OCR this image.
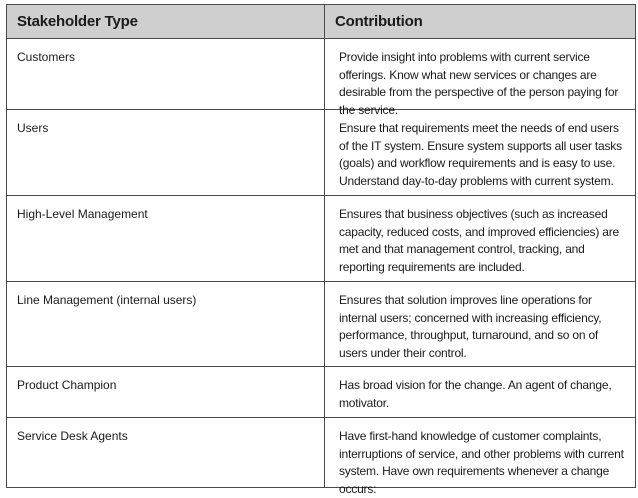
Stakeholder Type	Contribution
Customers	Provide insight into problems with current service offerings. Know what new services or changes are desirable from the perspective of the person paying for the service.
Users	Ensure that requirements meet the needs of end users of the IT system. Ensure system supports all user tasks (goals) and workflow requirements and is easy to use. Understand day-to-day problems with current system.
High-Level Management	Ensures that business objectives (such as increased capacity, reduced costs, and improved efficiencies) are met and that management control, tracking, and reporting requirements are included.
Line Management (internal users)	Ensures that solution improves line operations for internal users; concerned with increasing efficiency, performance, throughput, turnaround, and so on of users under their control.
Product Champion	Has broad vision for the change. An agent of change, motivator.
Service Desk Agents	Have first-hand knowledge of customer complaints, interruptions of service, and other problems with current system. Have own requirements whenever a change occurs:
